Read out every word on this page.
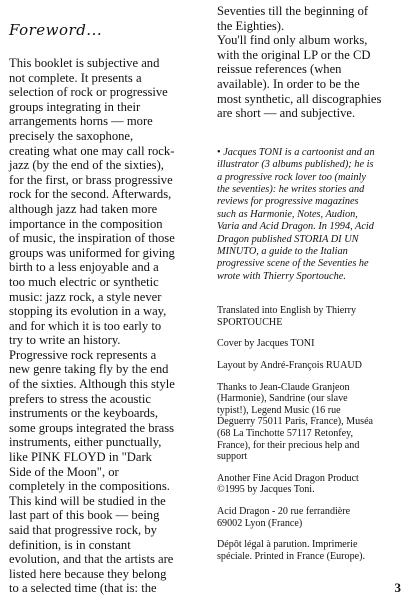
Foreword...
This booklet is subjective and
not complete. It presents a
selection of rock or progressive
groups integrating in their
arrangements horns — more
precisely the saxophone,
creating what one may call rock-
jazz (by the end of the sixties),
for the first, or brass progressive
rock for the second. Afterwards,
although jazz had taken more
importance in the composition
of music, the inspiration of those
groups was uniformed for giving
birth to a less enjoyable and a
too much electric or synthetic
music: jazz rock, a style never
stopping its evolution in a way,
and for which it is too early to
try to write an history.
Progressive rock represents a
new genre taking fly by the end
of the sixties. Although this style
prefers to stress the acoustic
instruments or the keyboards,
some groups integrated the brass
instruments, either punctually,
like PINK FLOYD in "Dark
Side of the Moon", or
completely in the compositions.
This kind will be studied in the
last part of this book — being
said that progressive rock, by
definition, is in constant
evolution, and that the artists are
listed here because they belong
to a selected time (that is: the
Seventies till the beginning of
the Eighties).
You'll find only album works,
with the original LP or the CD
reissue references (when
available). In order to be the
most synthetic, all discographies
are short — and subjective.
• Jacques TONI is a cartoonist and an
illustrator (3 albums published); he is
a progressive rock lover too (mainly
the seventies): he writes stories and
reviews for progressive magazines
such as Harmonie, Notes, Audion,
Varia and Acid Dragon. In 1994, Acid
Dragon published STORIA DI UN
MINUTO, a guide to the Italian
progressive scene of the Seventies he
wrote with Thierry Sportouche.
Translated into English by Thierry
SPORTOUCHE
Cover by Jacques TONI
Layout by André-François RUAUD
Thanks to Jean-Claude Granjeon
(Harmonie), Sandrine (our slave
typist!), Legend Music (16 rue
Deguerry 75011 Paris, France), Muséa
(68 La Tinchotte 57117 Retonfey,
France), for their precious help and
support
Another Fine Acid Dragon Product
©1995 by Jacques Toni.
Acid Dragon - 20 rue ferrandière
69002 Lyon (France)
Dépôt légal à parution. Imprimerie
spéciale. Printed in France (Europe).
3
